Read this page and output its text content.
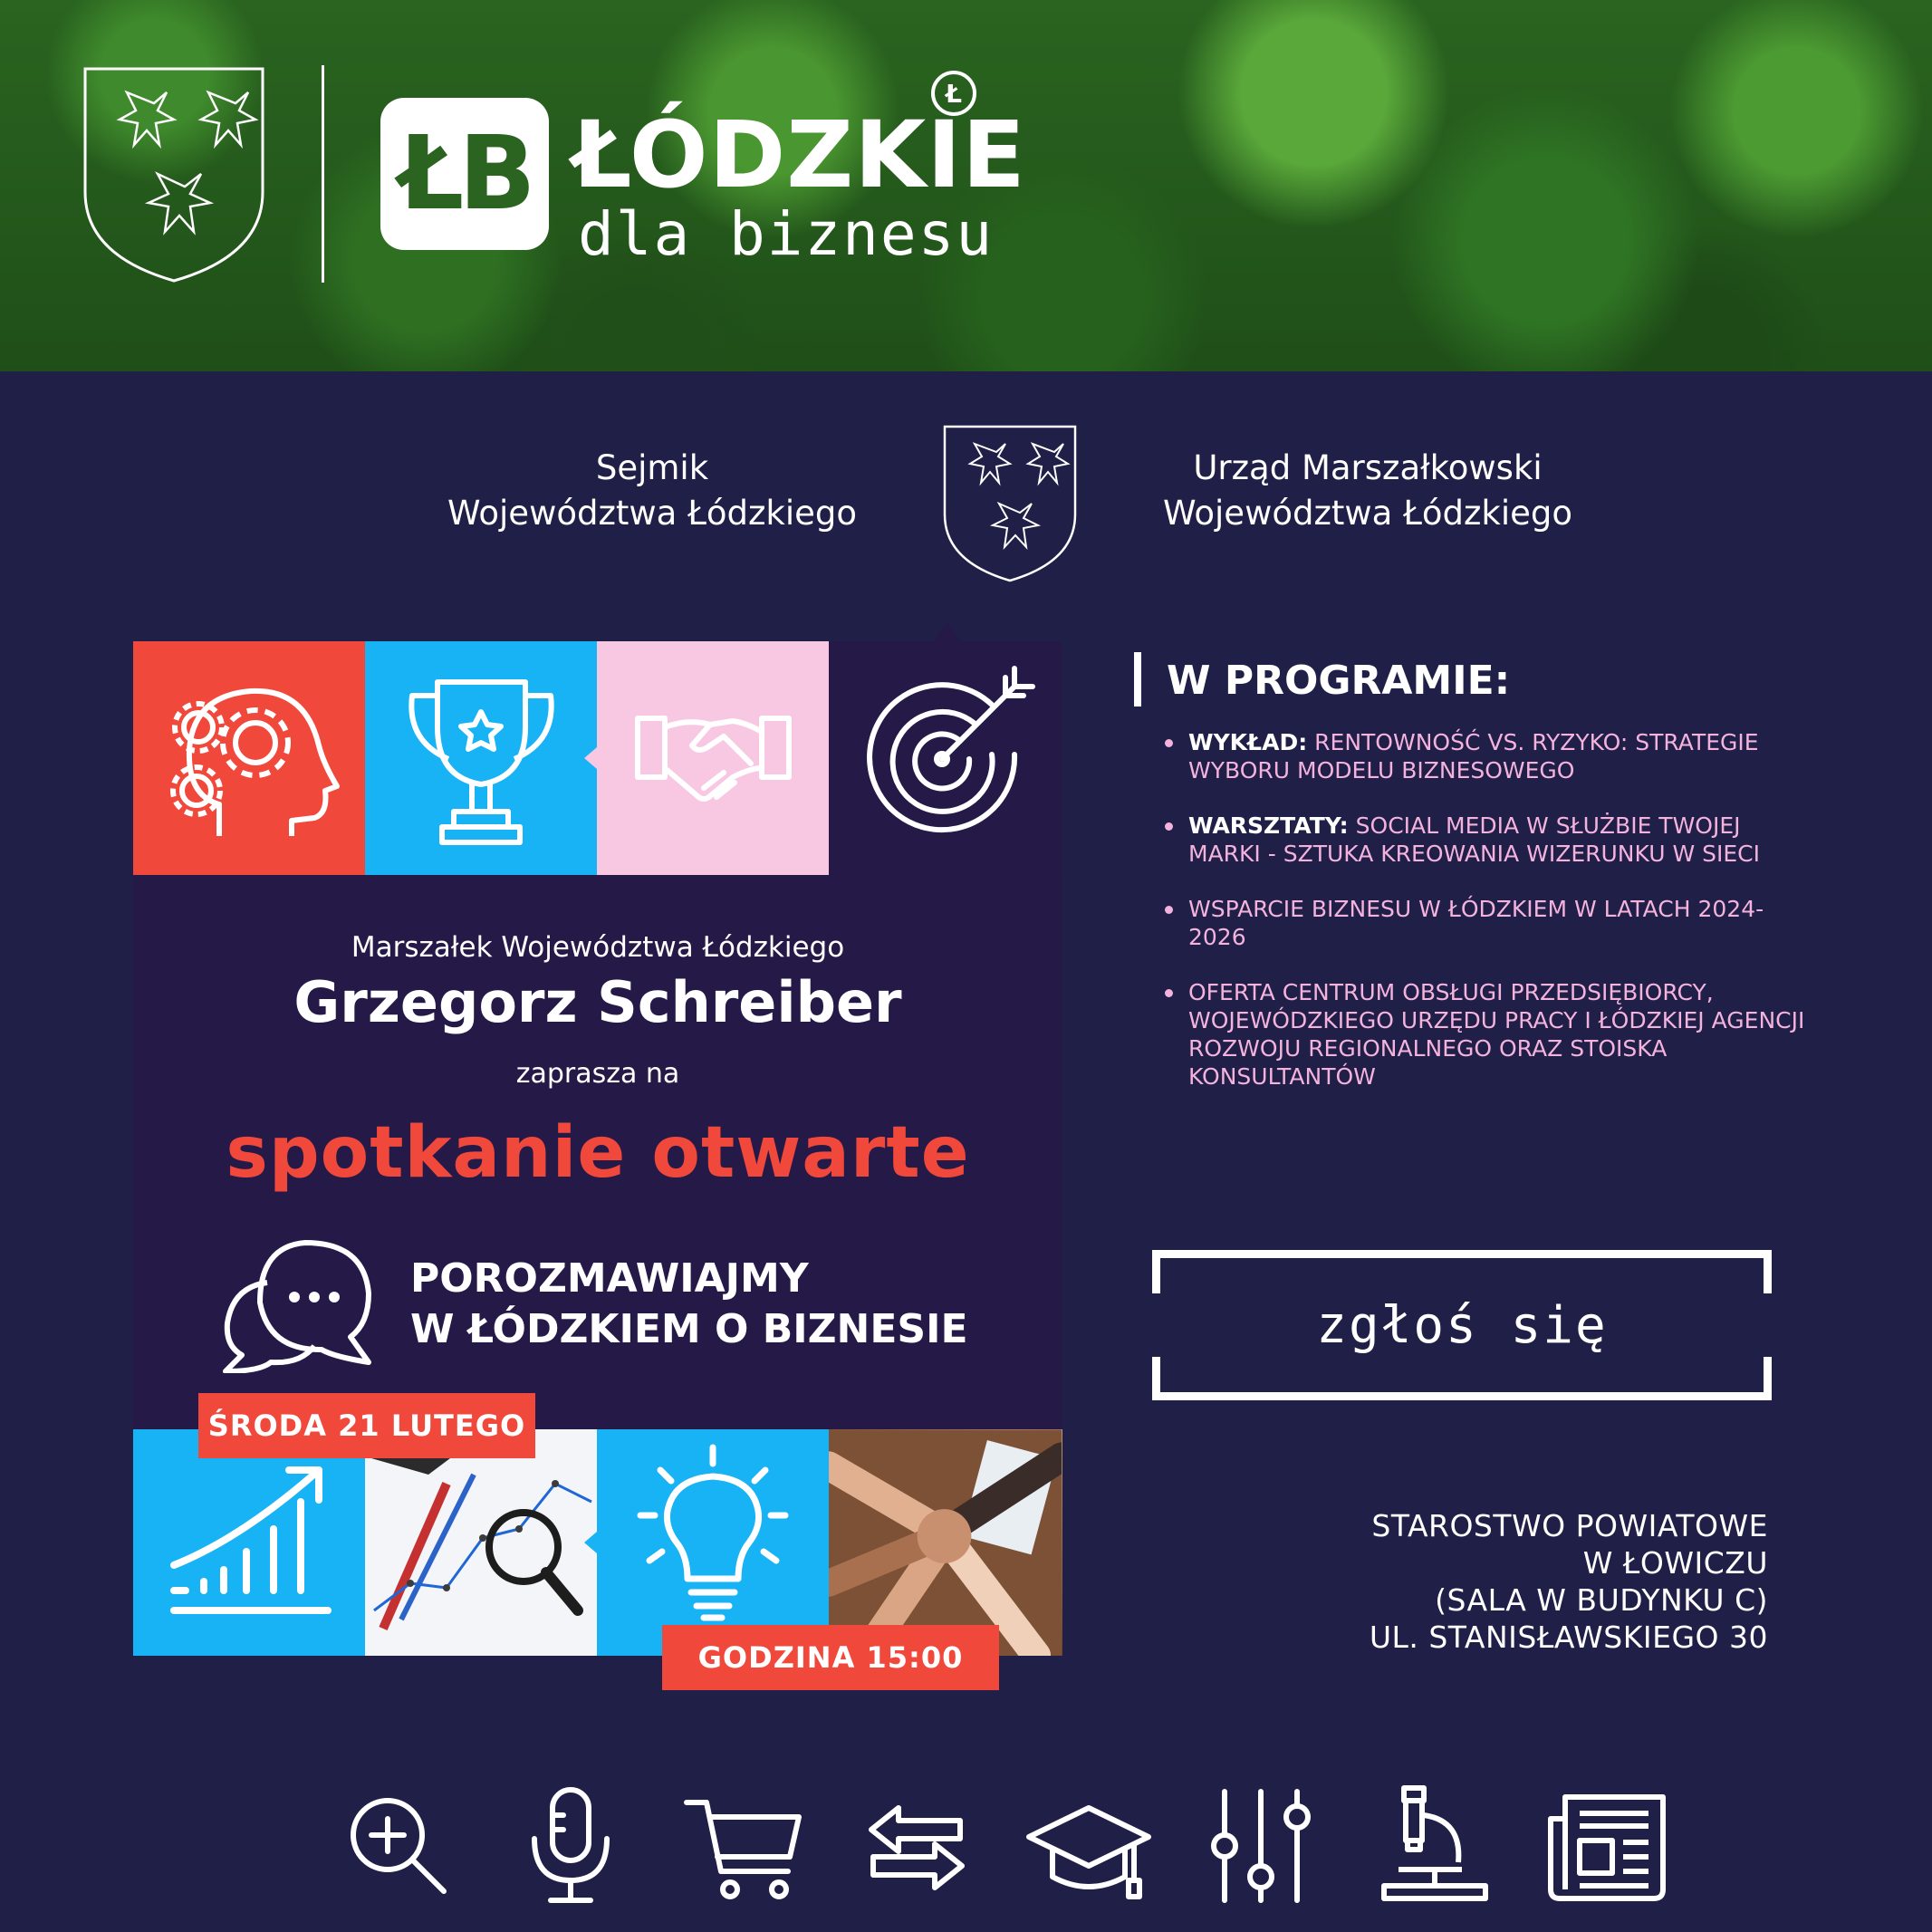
ŁB ŁÓDZKIE
dla biznesu
Ł
Sejmik
Województwa Łódzkiego
Urząd Marszałkowski
Województwa Łódzkiego
Marszałek Województwa Łódzkiego
Grzegorz Schreiber
zaprasza na
spotkanie otwarte
POROZMAWIAJMY
W ŁÓDZKIEM O BIZNESIE
ŚRODA 21 LUTEGO
GODZINA 15:00
W PROGRAMIE:
WYKŁAD: RENTOWNOŚĆ VS. RYZYKO: STRATEGIE WYBORU MODELU BIZNESOWEGO
WARSZTATY: SOCIAL MEDIA W SŁUŻBIE TWOJEJ MARKI - SZTUKA KREOWANIA WIZERUNKU W SIECI
WSPARCIE BIZNESU W ŁÓDZKIEM W LATACH 2024-2026
OFERTA CENTRUM OBSŁUGI PRZEDSIĘBIORCY, WOJEWÓDZKIEGO URZĘDU PRACY I ŁÓDZKIEJ AGENCJI ROZWOJU REGIONALNEGO ORAZ STOISKA KONSULTANTÓW
zgłoś się
STAROSTWO POWIATOWE
W ŁOWICZU
(SALA W BUDYNKU C)
UL. STANISŁAWSKIEGO 30
